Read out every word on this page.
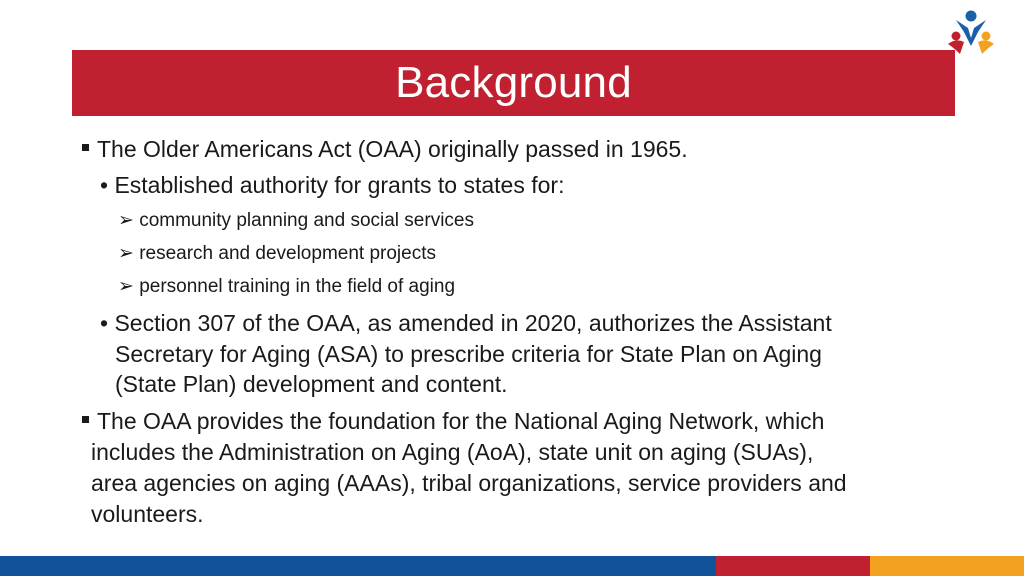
Background
The Older Americans Act (OAA) originally passed in 1965.
• Established authority for grants to states for:
➢ community planning and social services
➢ research and development projects
➢ personnel training in the field of aging
• Section 307 of the OAA, as amended in 2020, authorizes the Assistant
Secretary for Aging (ASA) to prescribe criteria for State Plan on Aging
(State Plan) development and content.
The OAA provides the foundation for the National Aging Network, which
includes the Administration on Aging (AoA), state unit on aging (SUAs),
area agencies on aging (AAAs), tribal organizations, service providers and
volunteers.
